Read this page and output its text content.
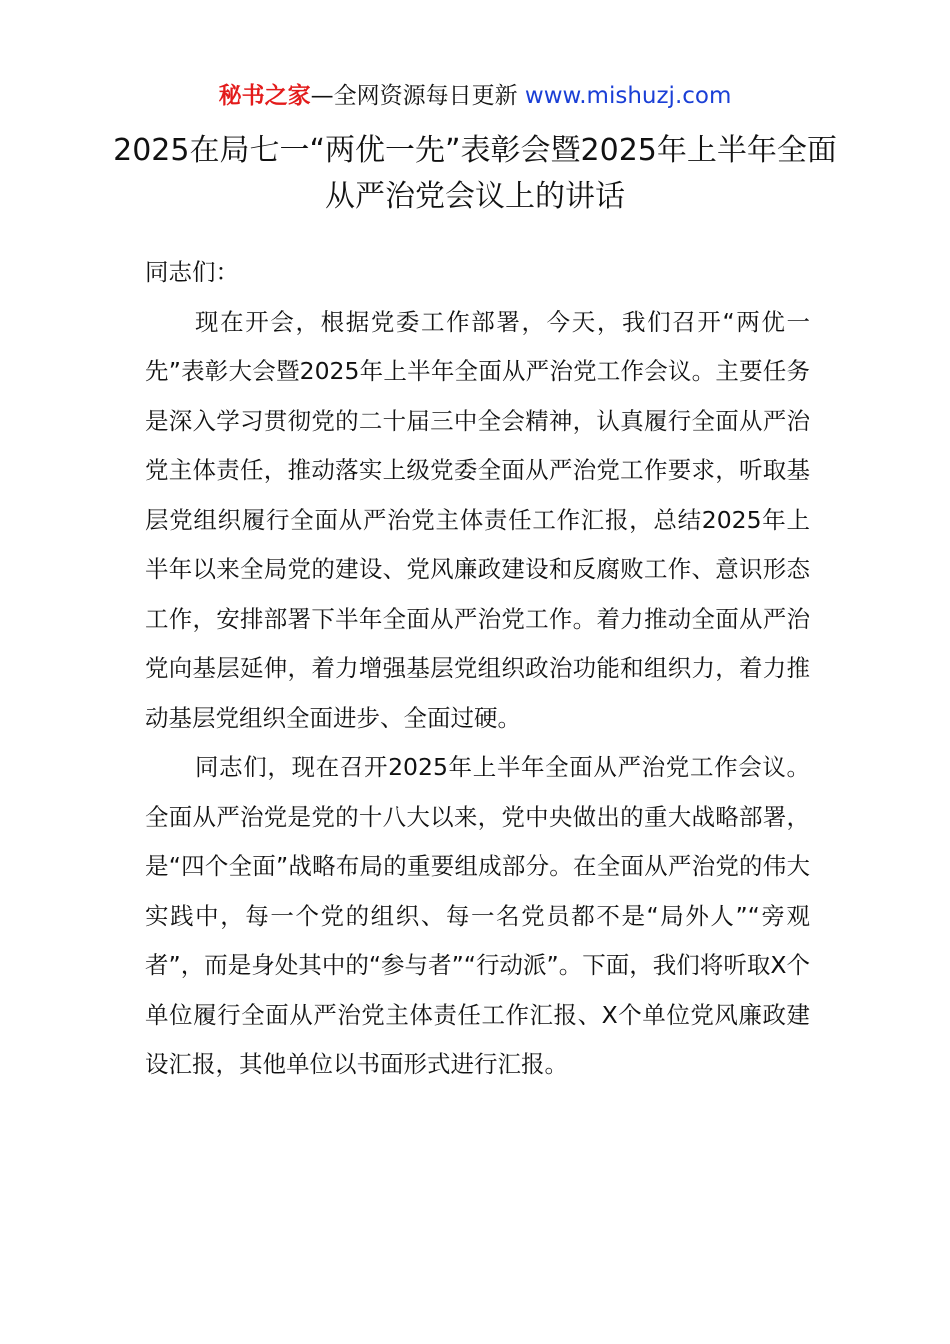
秘书之家—全网资源每日更新 www.mishuzj.com
2025在局七一“两优一先”表彰会暨2025年上半年全面从严治党会议上的讲话

同志们：

现在开会，根据党委工作部署，今天，我们召开“两优一先”表彰大会暨2025年上半年全面从严治党工作会议。主要任务是深入学习贯彻党的二十届三中全会精神，认真履行全面从严治党主体责任，推动落实上级党委全面从严治党工作要求，听取基层党组织履行全面从严治党主体责任工作汇报，总结2025年上半年以来全局党的建设、党风廉政建设和反腐败工作、意识形态工作，安排部署下半年全面从严治党工作。着力推动全面从严治党向基层延伸，着力增强基层党组织政治功能和组织力，着力推动基层党组织全面进步、全面过硬。

同志们，现在召开2025年上半年全面从严治党工作会议。全面从严治党是党的十八大以来，党中央做出的重大战略部署，是“四个全面”战略布局的重要组成部分。在全面从严治党的伟大实践中，每一个党的组织、每一名党员都不是“局外人”“旁观者”，而是身处其中的“参与者”“行动派”。下面，我们将听取X个单位履行全面从严治党主体责任工作汇报、X个单位党风廉政建设汇报，其他单位以书面形式进行汇报。
